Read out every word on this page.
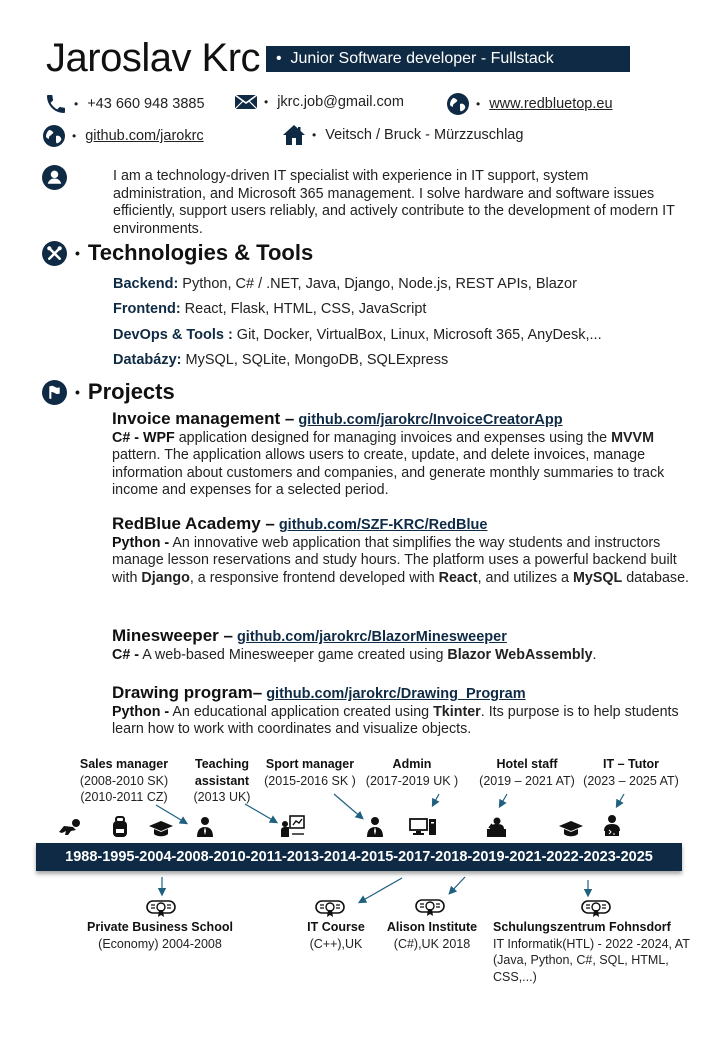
Jaroslav Krc • Junior Software developer - Fullstack
• +43 660 948 3885	• jkrc.job@gmail.com	• www.redbluetop.eu
• github.com/jarokrc	• Veitsch / Bruck - Mürzzuschlag
I am a technology-driven IT specialist with experience in IT support, system administration, and Microsoft 365 management. I solve hardware and software issues efficiently, support users reliably, and actively contribute to the development of modern IT environments.
• Technologies & Tools
Backend: Python, C# / .NET, Java, Django, Node.js, REST APIs, Blazor
Frontend: React, Flask, HTML, CSS, JavaScript
DevOps & Tools : Git, Docker, VirtualBox, Linux, Microsoft 365, AnyDesk,...
Databázy: MySQL, SQLite, MongoDB, SQLExpress
• Projects
Invoice management – github.com/jarokrc/InvoiceCreatorApp
C# - WPF application designed for managing invoices and expenses using the MVVM pattern. The application allows users to create, update, and delete invoices, manage information about customers and companies, and generate monthly summaries to track income and expenses for a selected period.
RedBlue Academy – github.com/SZF-KRC/RedBlue
Python - An innovative web application that simplifies the way students and instructors manage lesson reservations and study hours. The platform uses a powerful backend built with Django, a responsive frontend developed with React, and utilizes a MySQL database.
Minesweeper – github.com/jarokrc/BlazorMinesweeper
C# - A web-based Minesweeper game created using Blazor WebAssembly.
Drawing program– github.com/jarokrc/Drawing_Program
Python - An educational application created using Tkinter. Its purpose is to help students learn how to work with coordinates and visualize objects.
Sales manager
(2008-2010 SK)
(2010-2011 CZ)
Teaching
assistant
(2013 UK)
Sport manager
(2015-2016 SK )
Admin
(2017-2019 UK )
Hotel staff
(2019 – 2021 AT)
IT – Tutor
(2023 – 2025 AT)
1988-1995-2004-2008-2010-2011-2013-2014-2015-2017-2018-2019-2021-2022-2023-2025
Private Business School
(Economy) 2004-2008
IT Course
(C++),UK
Alison Institute
(C#),UK 2018
Schulungszentrum Fohnsdorf
IT Informatik(HTL) - 2022 -2024, AT
(Java, Python, C#, SQL, HTML,
CSS,...)
